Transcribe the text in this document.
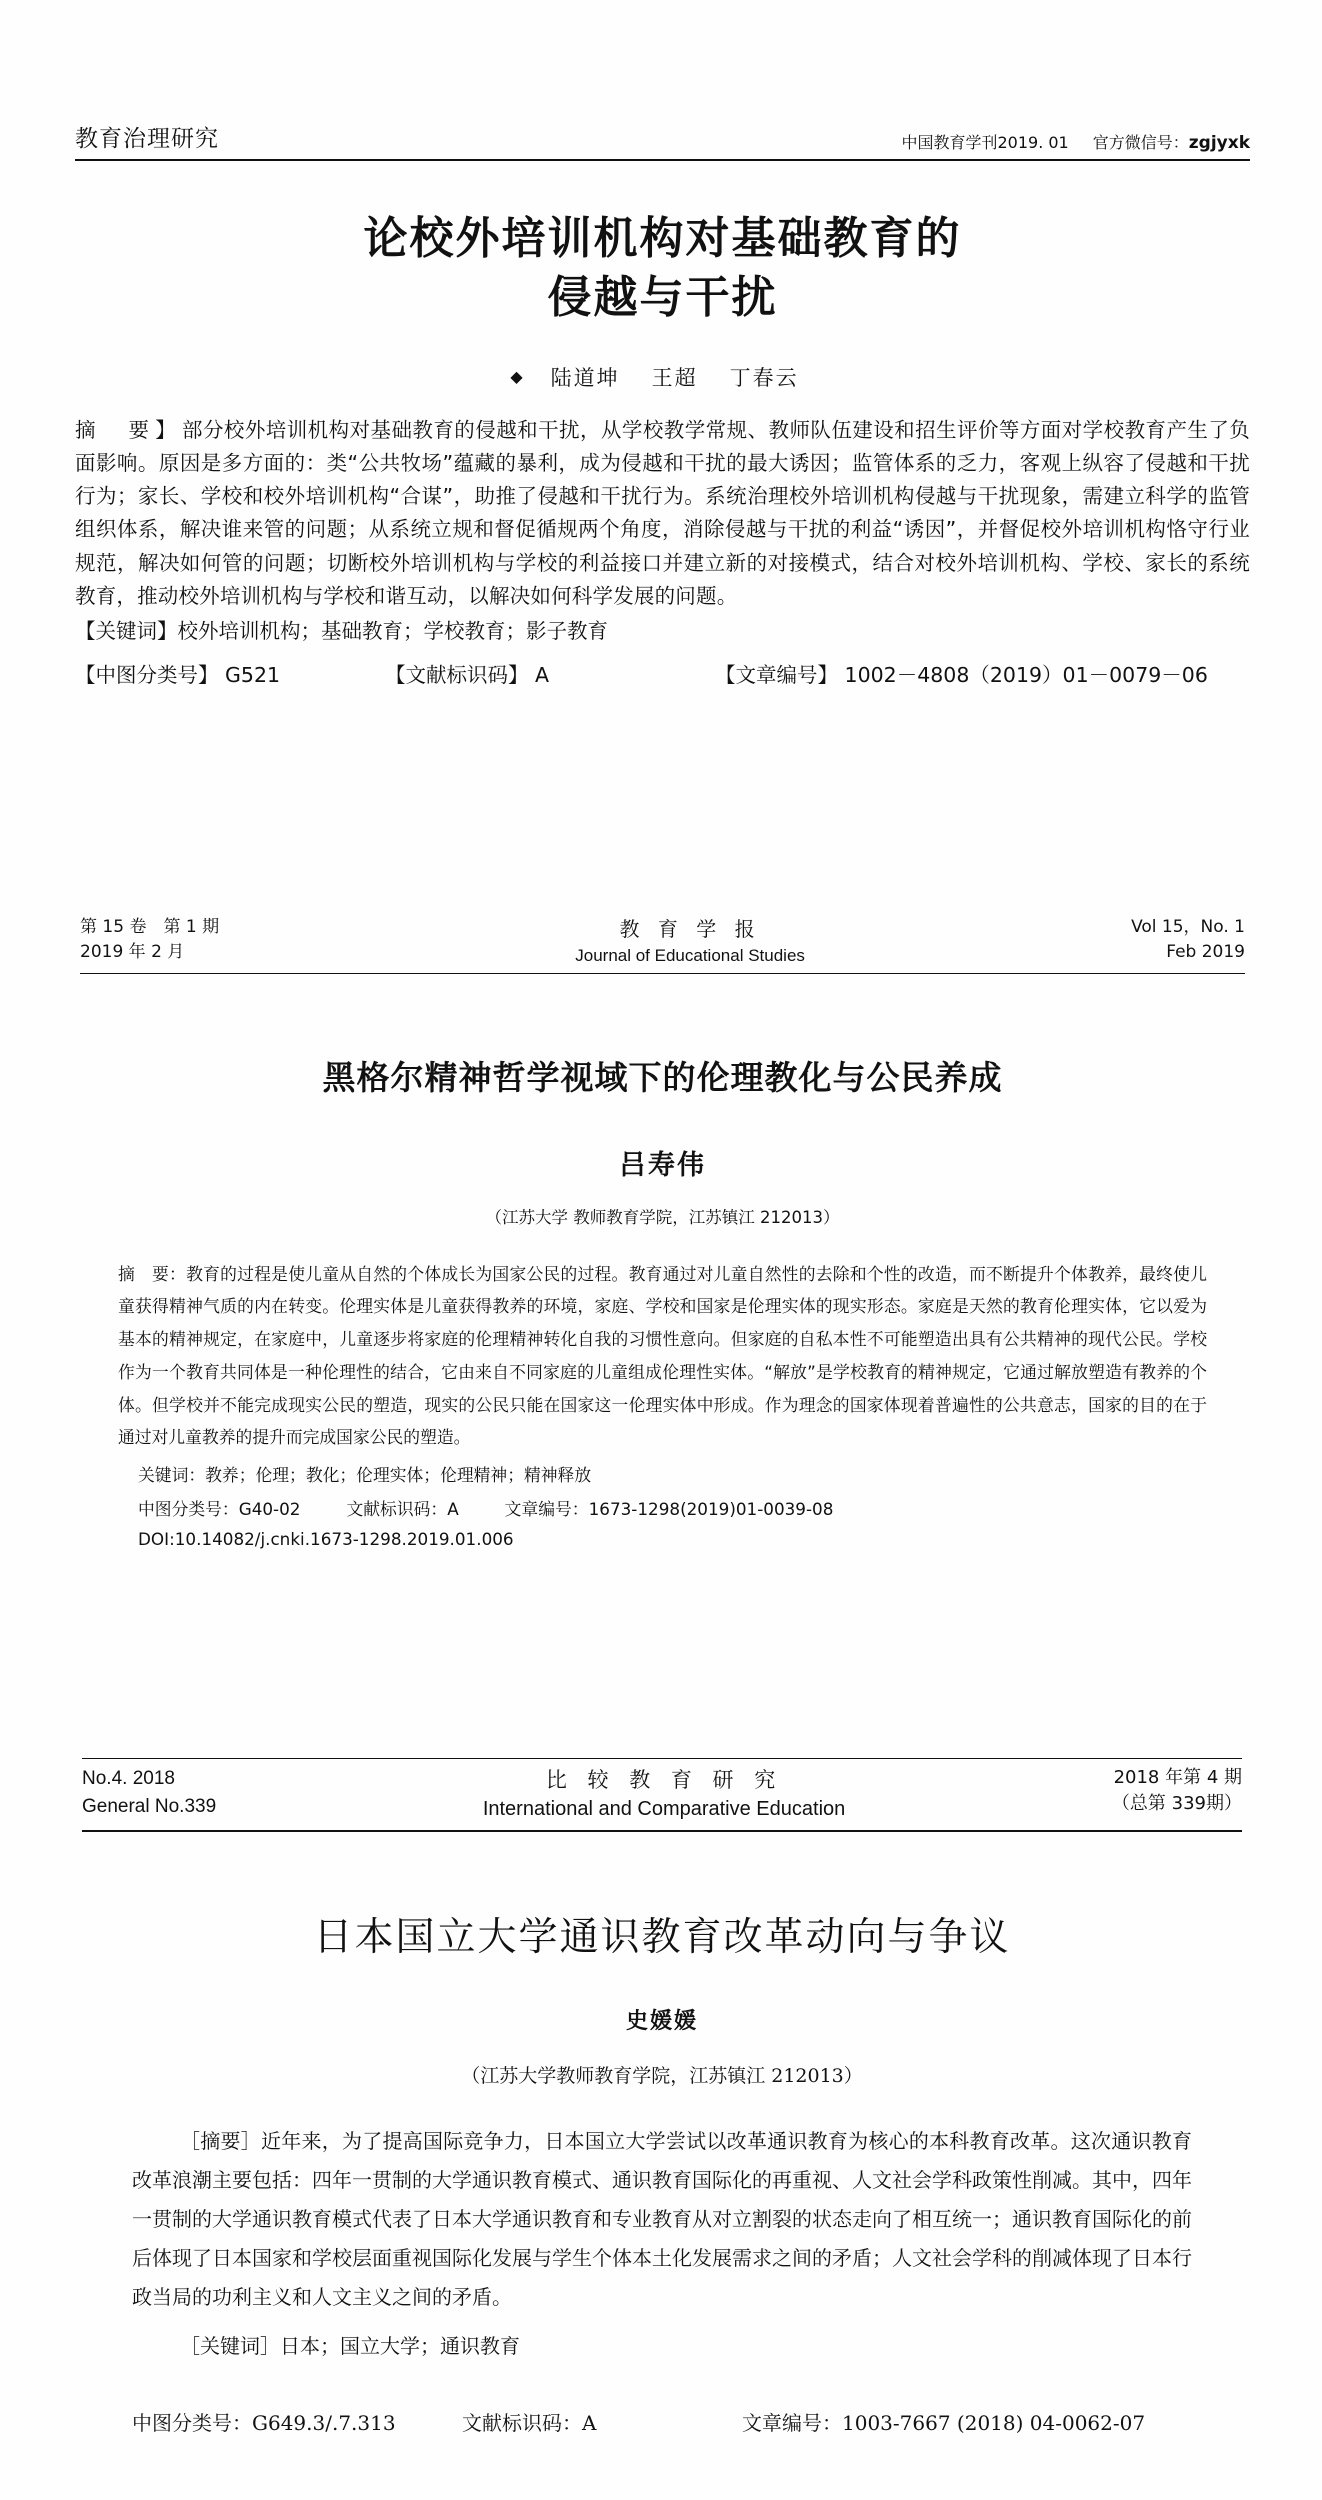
教育治理研究	中国教育学刊2019. 01 官方微信号：zgjyxk
论校外培训机构对基础教育的
侵越与干扰
◆ 陆道坤 王超 丁春云
摘　要】部分校外培训机构对基础教育的侵越和干扰，从学校教学常规、教师队伍建设和招生评价等方面对学校教育产生了负面影响。原因是多方面的：类“公共牧场”蕴藏的暴利，成为侵越和干扰的最大诱因；监管体系的乏力，客观上纵容了侵越和干扰行为；家长、学校和校外培训机构“合谋”，助推了侵越和干扰行为。系统治理校外培训机构侵越与干扰现象，需建立科学的监管组织体系，解决谁来管的问题；从系统立规和督促循规两个角度，消除侵越与干扰的利益“诱因”，并督促校外培训机构恪守行业规范，解决如何管的问题；切断校外培训机构与学校的利益接口并建立新的对接模式，结合对校外培训机构、学校、家长的系统教育，推动校外培训机构与学校和谐互动，以解决如何科学发展的问题。
【关键词】校外培训机构；基础教育；学校教育；影子教育
【中图分类号】 G521	【文献标识码】 A	【文章编号】 1002－4808（2019）01－0079－06
第 15 卷　第 1 期
2019 年 2 月
教 育 学 报
Journal of Educational Studies
Vol 15，No. 1
Feb 2019
黑格尔精神哲学视域下的伦理教化与公民养成
吕寿伟
（江苏大学 教师教育学院，江苏镇江 212013）
摘　要：教育的过程是使儿童从自然的个体成长为国家公民的过程。教育通过对儿童自然性的去除和个性的改造，而不断提升个体教养，最终使儿童获得精神气质的内在转变。伦理实体是儿童获得教养的环境，家庭、学校和国家是伦理实体的现实形态。家庭是天然的教育伦理实体，它以爱为基本的精神规定，在家庭中，儿童逐步将家庭的伦理精神转化自我的习惯性意向。但家庭的自私本性不可能塑造出具有公共精神的现代公民。学校作为一个教育共同体是一种伦理性的结合，它由来自不同家庭的儿童组成伦理性实体。“解放”是学校教育的精神规定，它通过解放塑造有教养的个体。但学校并不能完成现实公民的塑造，现实的公民只能在国家这一伦理实体中形成。作为理念的国家体现着普遍性的公共意志，国家的目的在于通过对儿童教养的提升而完成国家公民的塑造。
关键词：教养；伦理；教化；伦理实体；伦理精神；精神释放
中图分类号：G40-02	文献标识码：A	文章编号：1673-1298(2019)01-0039-08
DOI:10.14082/j.cnki.1673-1298.2019.01.006
No.4. 2018
General No.339
比 较 教 育 研 究
International and Comparative Education
2018 年第 4 期
（总第 339期）
日本国立大学通识教育改革动向与争议
史媛媛
（江苏大学教师教育学院，江苏镇江 212013）

［摘要］近年来，为了提高国际竞争力，日本国立大学尝试以改革通识教育为核心的本科教育改革。这次通识教育改革浪潮主要包括：四年一贯制的大学通识教育模式、通识教育国际化的再重视、人文社会学科政策性削减。其中，四年一贯制的大学通识教育模式代表了日本大学通识教育和专业教育从对立割裂的状态走向了相互统一；通识教育国际化的前后体现了日本国家和学校层面重视国际化发展与学生个体本土化发展需求之间的矛盾；人文社会学科的削减体现了日本行政当局的功利主义和人文主义之间的矛盾。

［关键词］日本；国立大学；通识教育
中图分类号：G649.3/.7.313	文献标识码：A	文章编号：1003-7667 (2018) 04-0062-07
